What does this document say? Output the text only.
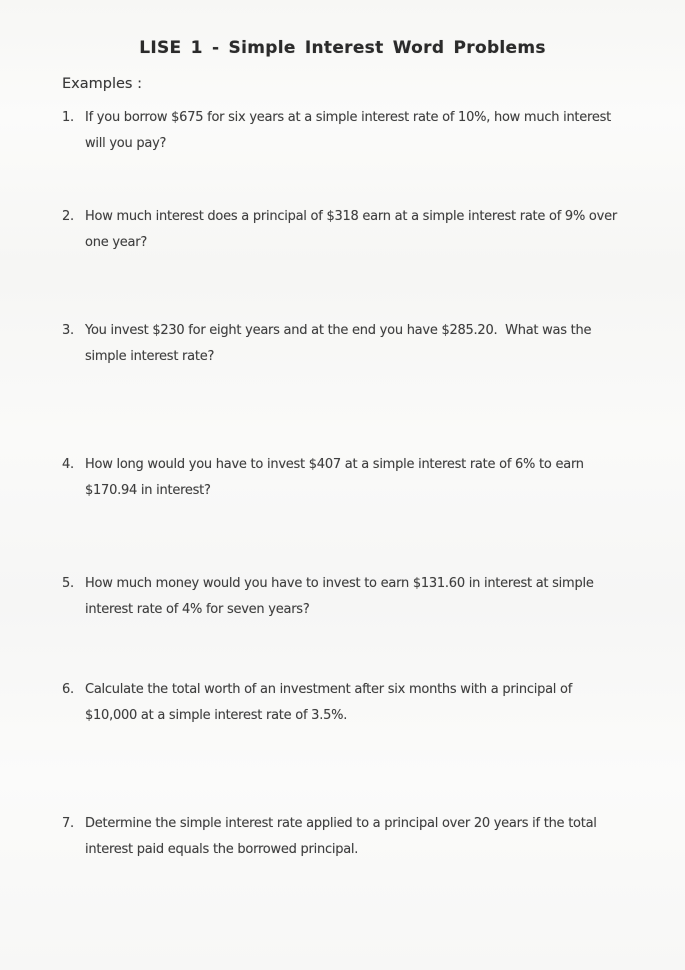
LISE 1 - Simple Interest Word Problems
Examples :
1. If you borrow $675 for six years at a simple interest rate of 10%, how much interest will you pay?
2. How much interest does a principal of $318 earn at a simple interest rate of 9% over one year?
3. You invest $230 for eight years and at the end you have $285.20.  What was the simple interest rate?
4. How long would you have to invest $407 at a simple interest rate of 6% to earn $170.94 in interest?
5. How much money would you have to invest to earn $131.60 in interest at simple interest rate of 4% for seven years?
6. Calculate the total worth of an investment after six months with a principal of $10,000 at a simple interest rate of 3.5%.
7. Determine the simple interest rate applied to a principal over 20 years if the total interest paid equals the borrowed principal.
